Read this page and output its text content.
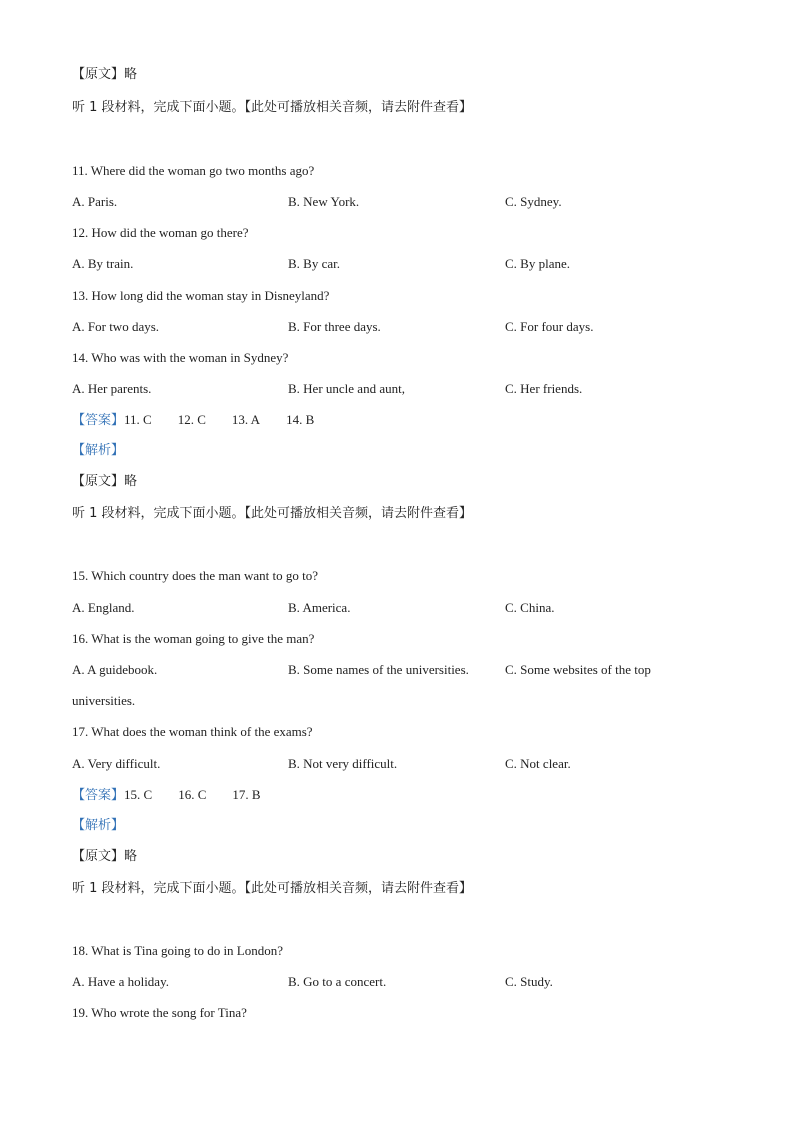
【原文】略
听 1 段材料，完成下面小题。【此处可播放相关音频，请去附件查看】
11. Where did the woman go two months ago?
A. Paris.	B. New York.	C. Sydney.
12. How did the woman go there?
A. By train.	B. By car.	C. By plane.
13. How long did the woman stay in Disneyland?
A. For two days.	B. For three days.	C. For four days.
14. Who was with the woman in Sydney?
A. Her parents.	B. Her uncle and aunt,	C. Her friends.
【答案】11. C 12. C 13. A 14. B
【解析】
【原文】略
听 1 段材料，完成下面小题。【此处可播放相关音频，请去附件查看】
15. Which country does the man want to go to?
A. England.	B. America.	C. China.
16. What is the woman going to give the man?
A. A guidebook.	B. Some names of the universities.	C. Some websites of the top
universities.
17. What does the woman think of the exams?
A. Very difficult.	B. Not very difficult.	C. Not clear.
【答案】15. C 16. C 17. B
【解析】
【原文】略
听 1 段材料，完成下面小题。【此处可播放相关音频，请去附件查看】
18. What is Tina going to do in London?
A. Have a holiday.	B. Go to a concert.	C. Study.
19. Who wrote the song for Tina?
